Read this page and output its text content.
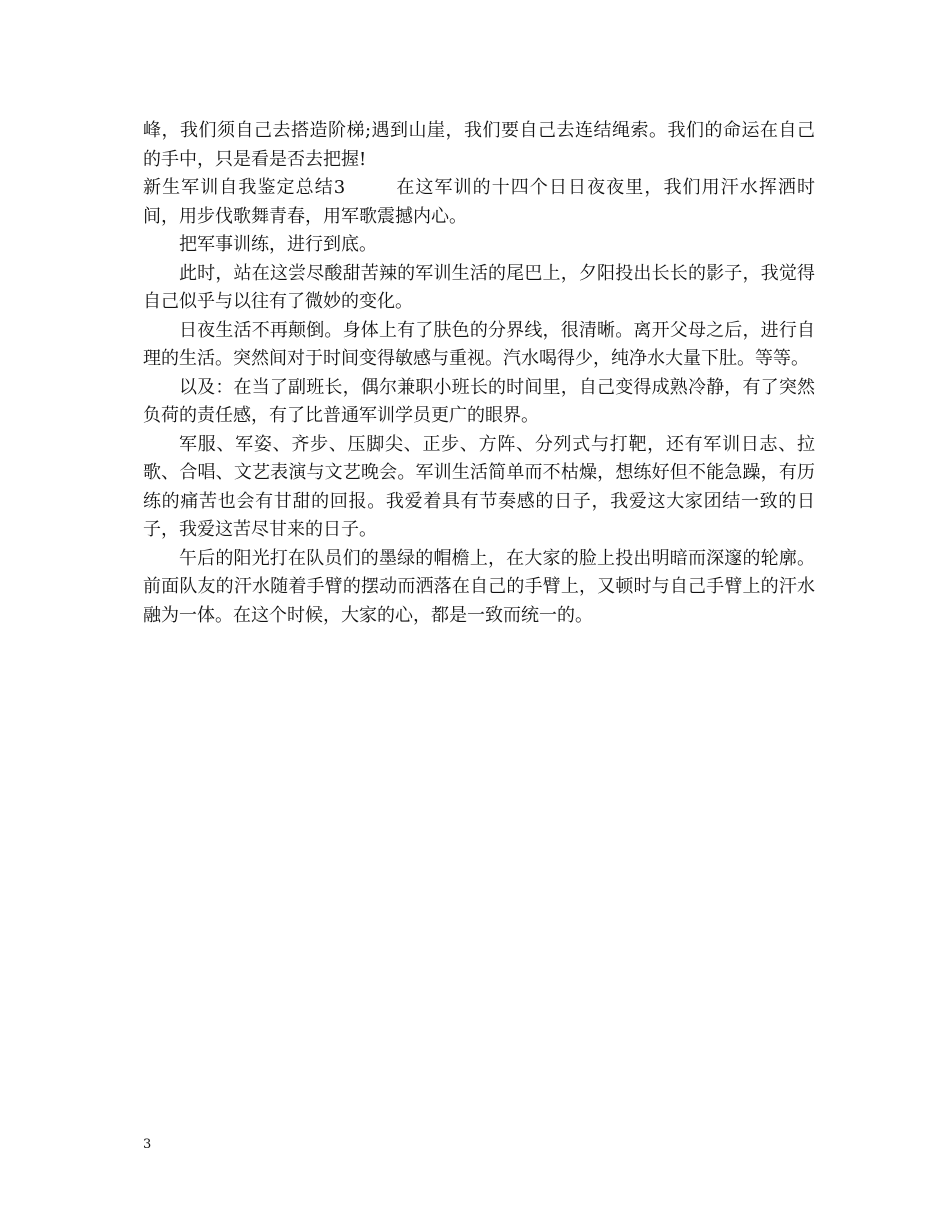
峰，我们须自己去搭造阶梯;遇到山崖，我们要自己去连结绳索。我们的命运在自己的手中，只是看是否去把握!

新生军训自我鉴定总结3	在这军训的十四个日日夜夜里，我们用汗水挥洒时间，用步伐歌舞青春，用军歌震撼内心。

把军事训练，进行到底。

此时，站在这尝尽酸甜苦辣的军训生活的尾巴上，夕阳投出长长的影子，我觉得自己似乎与以往有了微妙的变化。

日夜生活不再颠倒。身体上有了肤色的分界线，很清晰。离开父母之后，进行自理的生活。突然间对于时间变得敏感与重视。汽水喝得少，纯净水大量下肚。等等。

以及：在当了副班长，偶尔兼职小班长的时间里，自己变得成熟冷静，有了突然负荷的责任感，有了比普通军训学员更广的眼界。

军服、军姿、齐步、压脚尖、正步、方阵、分列式与打靶，还有军训日志、拉歌、合唱、文艺表演与文艺晚会。军训生活简单而不枯燥，想练好但不能急躁，有历练的痛苦也会有甘甜的回报。我爱着具有节奏感的日子，我爱这大家团结一致的日子，我爱这苦尽甘来的日子。

午后的阳光打在队员们的墨绿的帽檐上，在大家的脸上投出明暗而深邃的轮廓。前面队友的汗水随着手臂的摆动而洒落在自己的手臂上，又顿时与自己手臂上的汗水融为一体。在这个时候，大家的心，都是一致而统一的。

3
